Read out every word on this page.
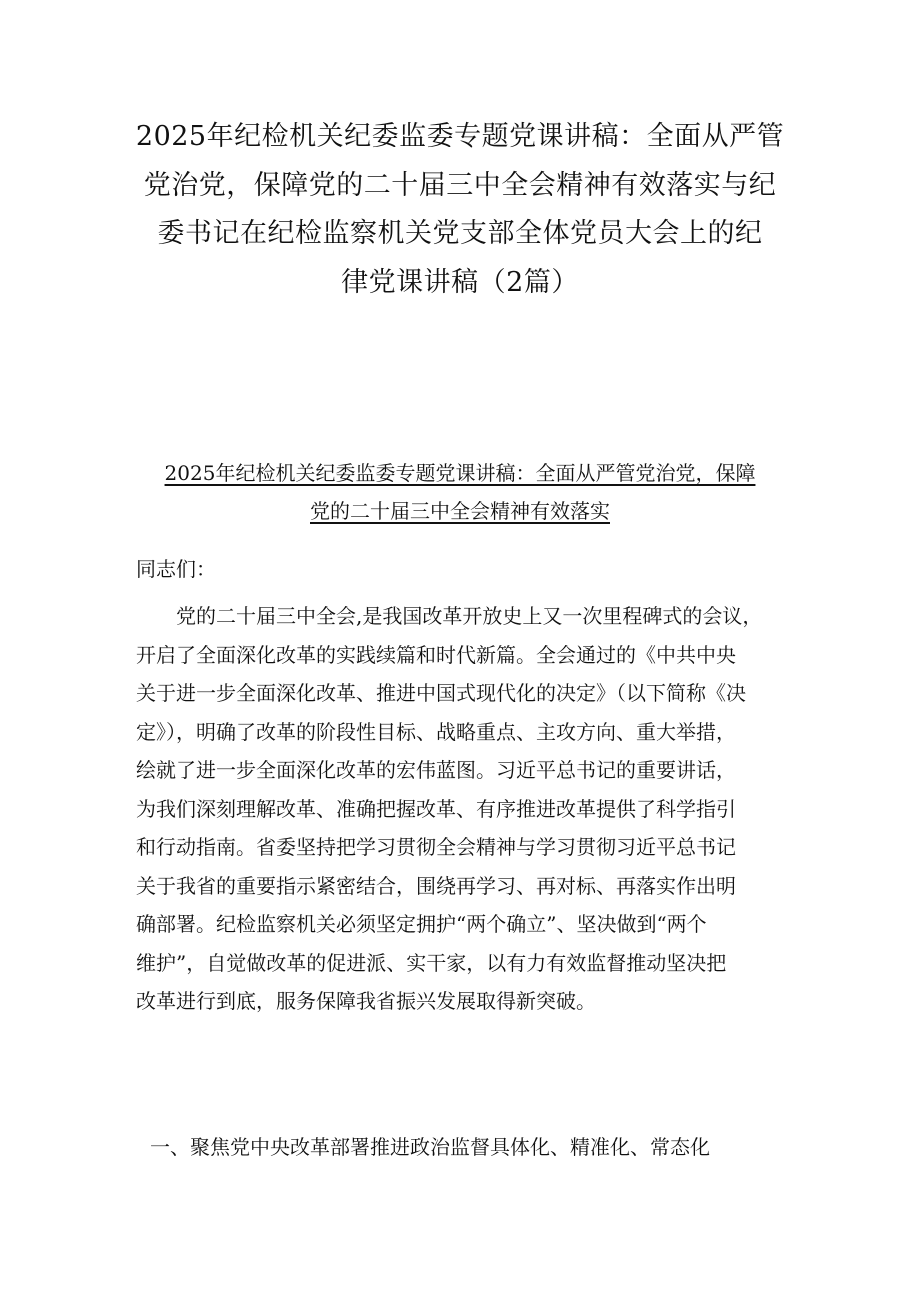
2025年纪检机关纪委监委专题党课讲稿：全面从严管
党治党，保障党的二十届三中全会精神有效落实与纪
委书记在纪检监察机关党支部全体党员大会上的纪
律党课讲稿（2篇）
2025年纪检机关纪委监委专题党课讲稿：全面从严管党治党，保障
党的二十届三中全会精神有效落实
同志们：
　　党的二十届三中全会,是我国改革开放史上又一次里程碑式的会议，
开启了全面深化改革的实践续篇和时代新篇。全会通过的《中共中央
关于进一步全面深化改革、推进中国式现代化的决定》（以下简称《决
定》），明确了改革的阶段性目标、战略重点、主攻方向、重大举措，
绘就了进一步全面深化改革的宏伟蓝图。习近平总书记的重要讲话，
为我们深刻理解改革、准确把握改革、有序推进改革提供了科学指引
和行动指南。省委坚持把学习贯彻全会精神与学习贯彻习近平总书记
关于我省的重要指示紧密结合，围绕再学习、再对标、再落实作出明
确部署。纪检监察机关必须坚定拥护“两个确立”、坚决做到“两个
维护”，自觉做改革的促进派、实干家，以有力有效监督推动坚决把
改革进行到底，服务保障我省振兴发展取得新突破。
一、聚焦党中央改革部署推进政治监督具体化、精准化、常态化
